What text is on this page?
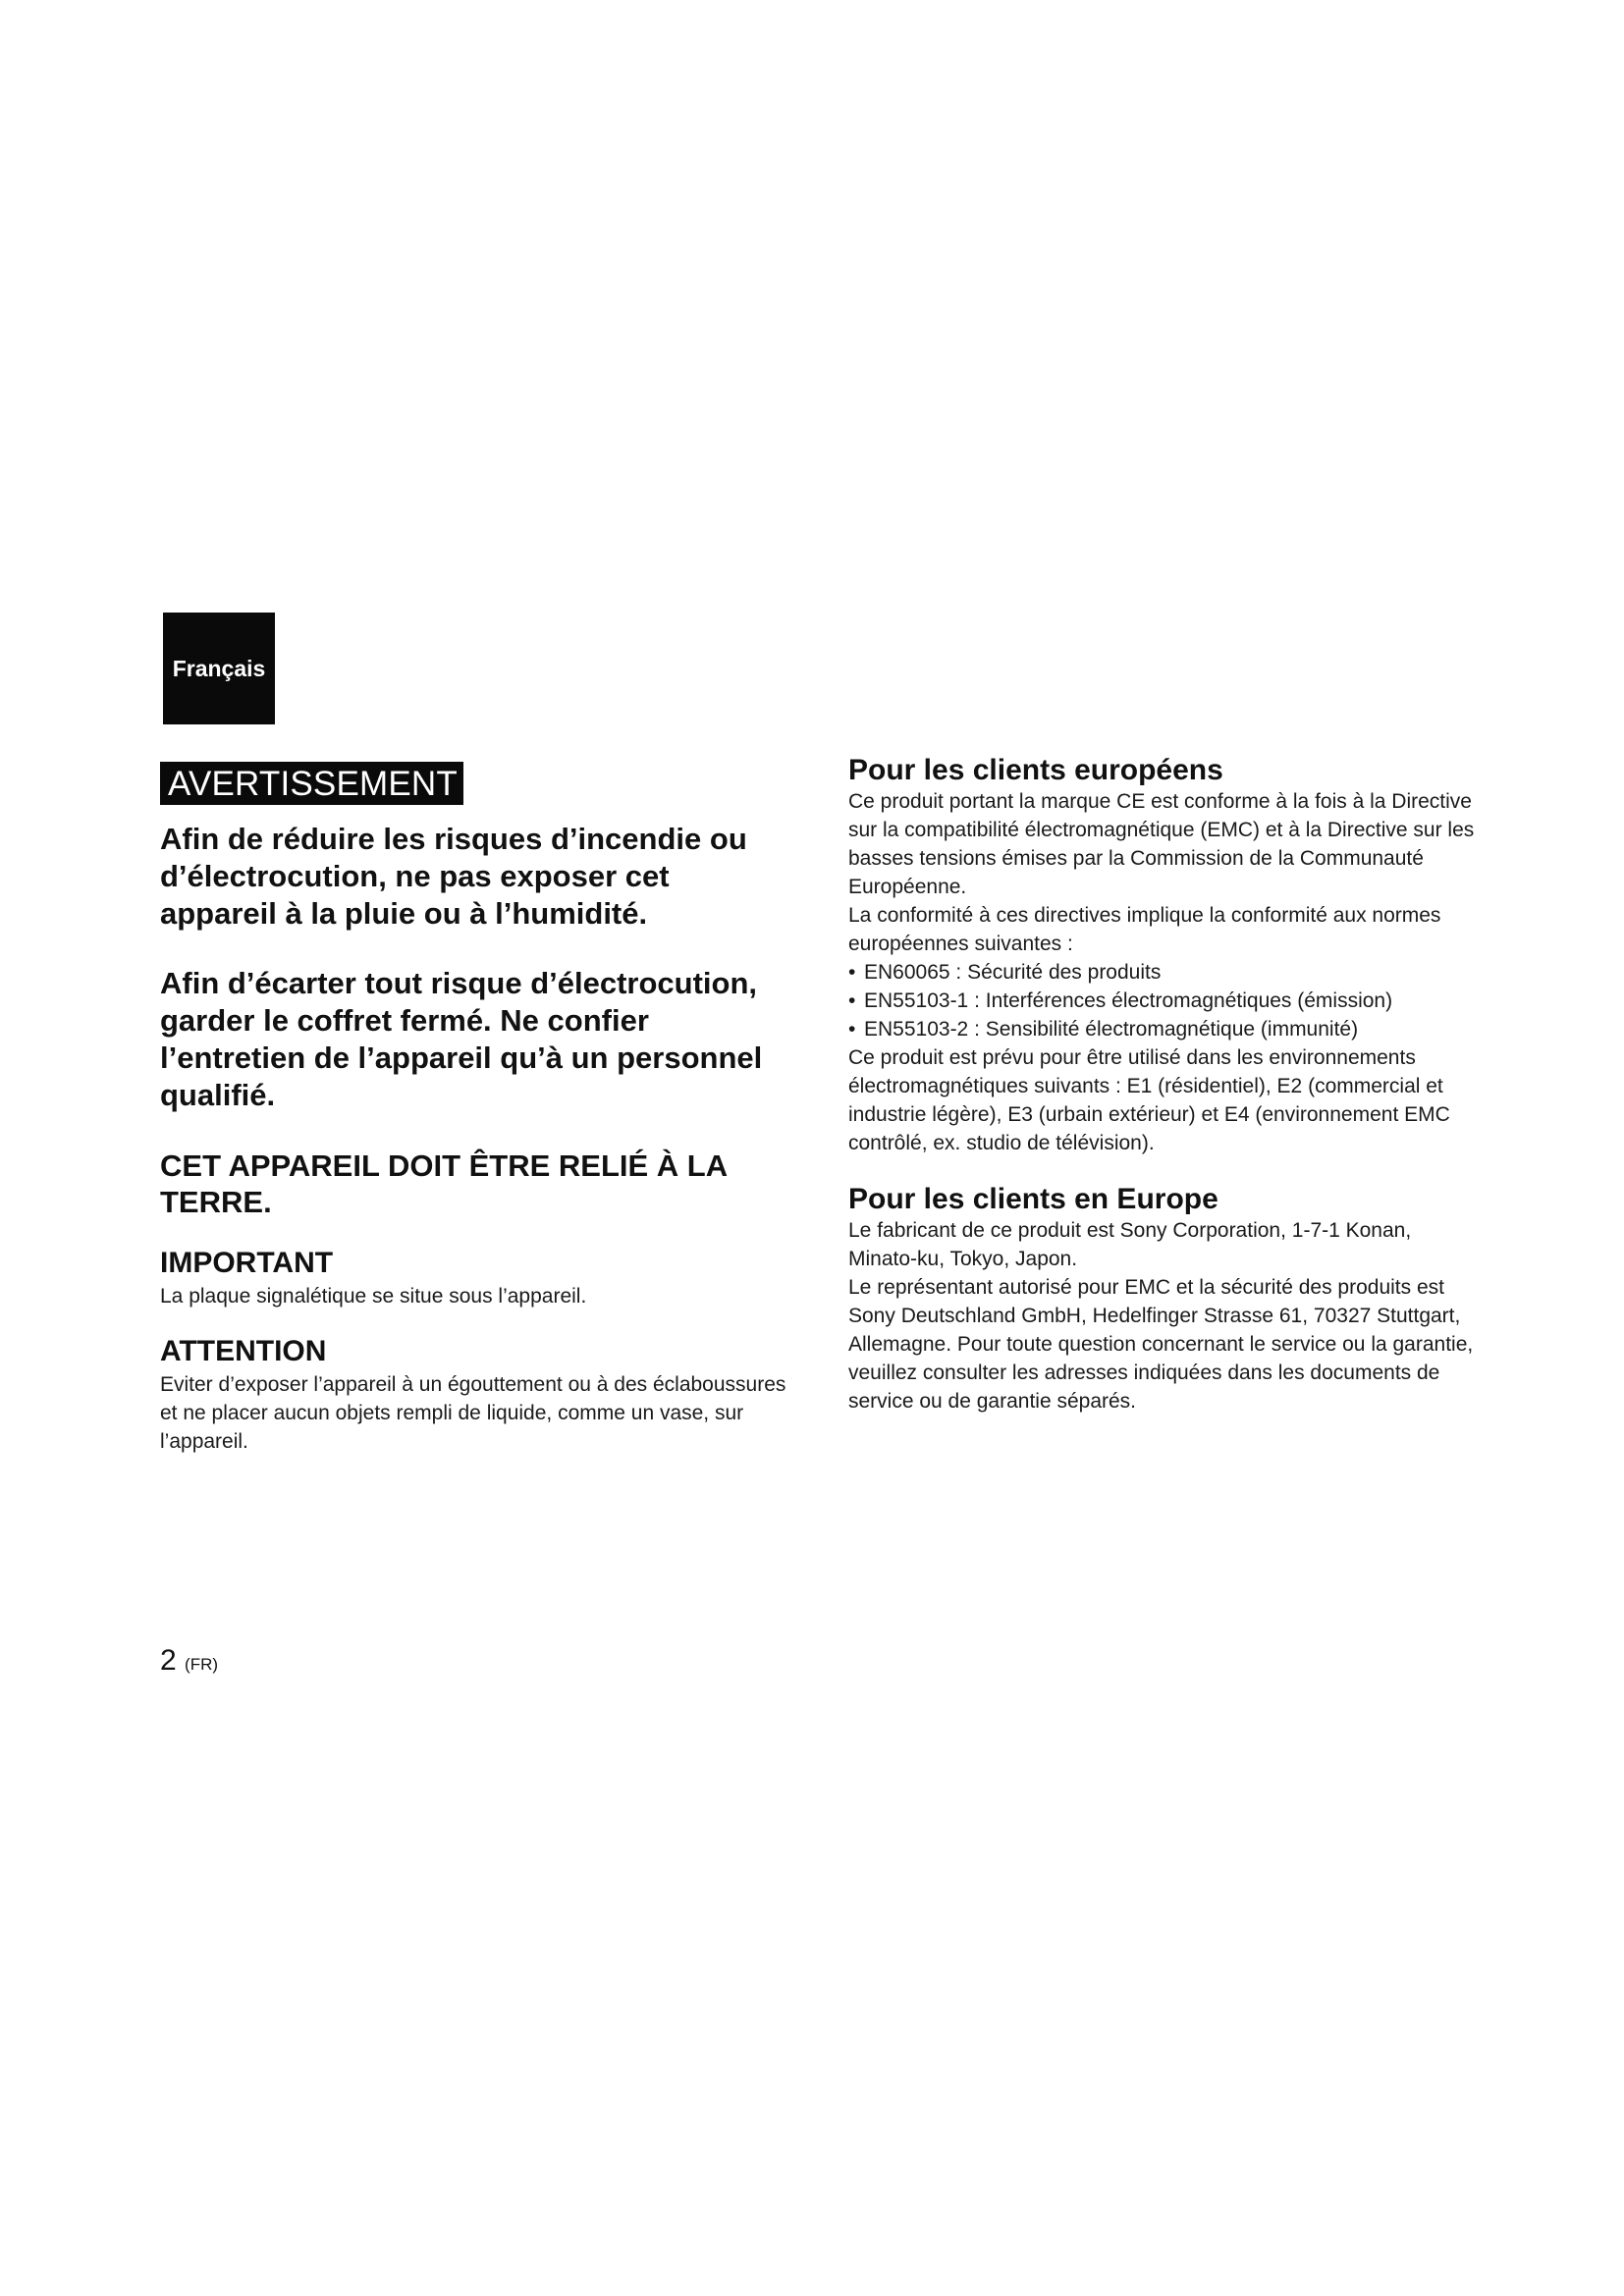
Français
AVERTISSEMENT

Afin de réduire les risques d’incendie ou d’électrocution, ne pas exposer cet appareil à la pluie ou à l’humidité.

Afin d’écarter tout risque d’électrocution, garder le coffret fermé. Ne confier l’entretien de l’appareil qu’à un personnel qualifié.

CET APPAREIL DOIT ÊTRE RELIÉ À LA TERRE.

IMPORTANT

La plaque signalétique se situe sous l’appareil.

ATTENTION

Eviter d’exposer l’appareil à un égouttement ou à des éclaboussures et ne placer aucun objets rempli de liquide, comme un vase, sur l’appareil.

Pour les clients européens

Ce produit portant la marque CE est conforme à la fois à la Directive sur la compatibilité électromagnétique (EMC) et à la Directive sur les basses tensions émises par la Commission de la Communauté Européenne.

La conformité à ces directives implique la conformité aux normes européennes suivantes :

• EN60065 : Sécurité des produits
• EN55103-1 : Interférences électromagnétiques (émission)
• EN55103-2 : Sensibilité électromagnétique (immunité)

Ce produit est prévu pour être utilisé dans les environnements électromagnétiques suivants : E1 (résidentiel), E2 (commercial et industrie légère), E3 (urbain extérieur) et E4 (environnement EMC contrôlé, ex. studio de télévision).

Pour les clients en Europe

Le fabricant de ce produit est Sony Corporation, 1-7-1 Konan, Minato-ku, Tokyo, Japon.

Le représentant autorisé pour EMC et la sécurité des produits est Sony Deutschland GmbH, Hedelfinger Strasse 61, 70327 Stuttgart, Allemagne. Pour toute question concernant le service ou la garantie, veuillez consulter les adresses indiquées dans les documents de service ou de garantie séparés.

2 (FR)
